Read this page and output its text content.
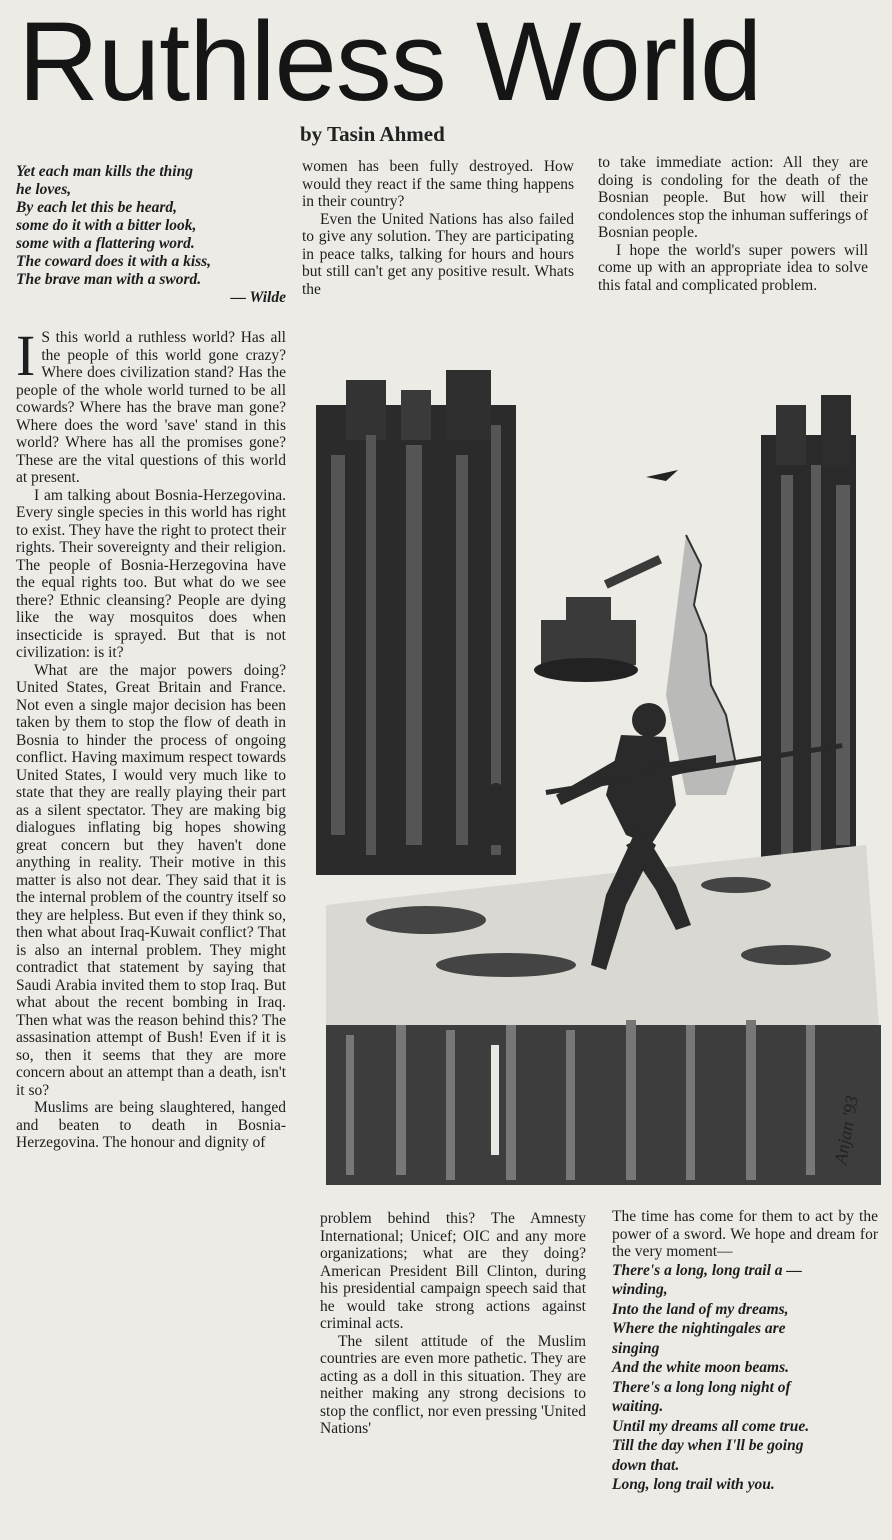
Ruthless World
by Tasin Ahmed
Yet each man kills the thing
he loves,
By each let this be heard,
some do it with a bitter look,
some with a flattering word.
The coward does it with a kiss,
The brave man with a sword.
— Wilde

I S this world a ruthless world? Has all the people of this world gone crazy? Where does civilization stand? Has the people of the whole world turned to be all cowards? Where has the brave man gone? Where does the word 'save' stand in this world? Where has all the promises gone? These are the vital questions of this world at present.

I am talking about Bosnia-Herzegovina. Every single species in this world has right to exist. They have the right to protect their rights. Their sovereignty and their religion. The people of Bosnia-Herzegovina have the equal rights too. But what do we see there? Ethnic cleansing? People are dying like the way mosquitos does when insecticide is sprayed. But that is not civilization: is it?

What are the major powers doing? United States, Great Britain and France. Not even a single major decision has been taken by them to stop the flow of death in Bosnia to hinder the process of ongoing conflict. Having maximum respect towards United States, I would very much like to state that they are really playing their part as a silent spectator. They are making big dialogues inflating big hopes showing great concern but they haven't done anything in reality. Their motive in this matter is also not dear. They said that it is the internal problem of the country itself so they are helpless. But even if they think so, then what about Iraq-Kuwait conflict? That is also an internal problem. They might contradict that statement by saying that Saudi Arabia invited them to stop Iraq. But what about the recent bombing in Iraq. Then what was the reason behind this? The assasination attempt of Bush! Even if it is so, then it seems that they are more concern about an attempt than a death, isn't it so?

Muslims are being slaughtered, hanged and beaten to death in Bosnia-Herzegovina. The honour and dignity of

women has been fully destroyed. How would they react if the same thing happens in their country?

Even the United Nations has also failed to give any solution. They are participating in peace talks, talking for hours and hours but still can't get any positive result. Whats the

to take immediate action: All they are doing is condoling for the death of the Bosnian people. But how will their condolences stop the inhuman sufferings of Bosnian people.

I hope the world's super powers will come up with an appropriate idea to solve this fatal and complicated problem.

Anjan '93

problem behind this? The Amnesty International; Unicef; OIC and any more organizations; what are they doing? American President Bill Clinton, during his presidential campaign speech said that he would take strong actions against criminal acts.

The silent attitude of the Muslim countries are even more pathetic. They are acting as a doll in this situation. They are neither making any strong decisions to stop the conflict, nor even pressing 'United Nations'

The time has come for them to act by the power of a sword. We hope and dream for the very moment—

There's a long, long trail a —
winding,
Into the land of my dreams,
Where the nightingales are
singing
And the white moon beams.
There's a long long night of
waiting.
Until my dreams all come true.
Till the day when I'll be going
down that.
Long, long trail with you.
